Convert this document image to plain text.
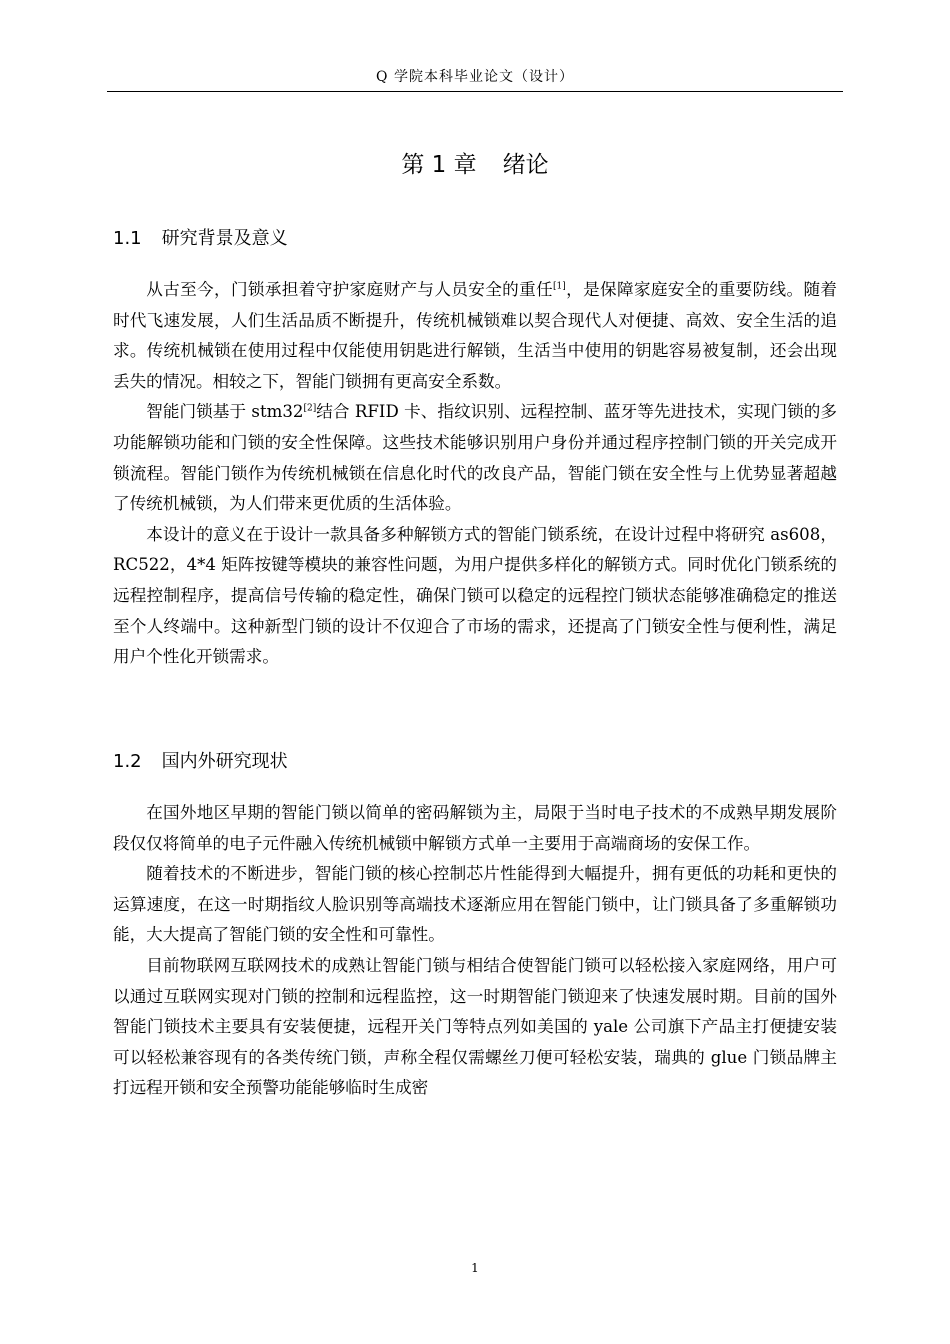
Q 学院本科毕业论文（设计）
第 1 章 绪论
1.1 研究背景及意义

从古至今，门锁承担着守护家庭财产与人员安全的重任[1]，是保障家庭安全的重要防线。随着时代飞速发展，人们生活品质不断提升，传统机械锁难以契合现代人对便捷、高效、安全生活的追求。传统机械锁在使用过程中仅能使用钥匙进行解锁，生活当中使用的钥匙容易被复制，还会出现丢失的情况。相较之下，智能门锁拥有更高安全系数。

智能门锁基于 stm32[2]结合 RFID 卡、指纹识别、远程控制、蓝牙等先进技术，实现门锁的多功能解锁功能和门锁的安全性保障。这些技术能够识别用户身份并通过程序控制门锁的开关完成开锁流程。智能门锁作为传统机械锁在信息化时代的改良产品，智能门锁在安全性与上优势显著超越了传统机械锁，为人们带来更优质的生活体验。

本设计的意义在于设计一款具备多种解锁方式的智能门锁系统，在设计过程中将研究 as608，RC522，4*4 矩阵按键等模块的兼容性问题，为用户提供多样化的解锁方式。同时优化门锁系统的远程控制程序，提高信号传输的稳定性，确保门锁可以稳定的远程控门锁状态能够准确稳定的推送至个人终端中。这种新型门锁的设计不仅迎合了市场的需求，还提高了门锁安全性与便利性，满足用户个性化开锁需求。

1.2 国内外研究现状

在国外地区早期的智能门锁以简单的密码解锁为主，局限于当时电子技术的不成熟早期发展阶段仅仅将简单的电子元件融入传统机械锁中解锁方式单一主要用于高端商场的安保工作。

随着技术的不断进步，智能门锁的核心控制芯片性能得到大幅提升，拥有更低的功耗和更快的运算速度，在这一时期指纹人脸识别等高端技术逐渐应用在智能门锁中，让门锁具备了多重解锁功能，大大提高了智能门锁的安全性和可靠性。

目前物联网互联网技术的成熟让智能门锁与相结合使智能门锁可以轻松接入家庭网络，用户可以通过互联网实现对门锁的控制和远程监控，这一时期智能门锁迎来了快速发展时期。目前的国外智能门锁技术主要具有安装便捷，远程开关门等特点列如美国的 yale 公司旗下产品主打便捷安装可以轻松兼容现有的各类传统门锁，声称全程仅需螺丝刀便可轻松安装，瑞典的 glue 门锁品牌主打远程开锁和安全预警功能能够临时生成密

1
